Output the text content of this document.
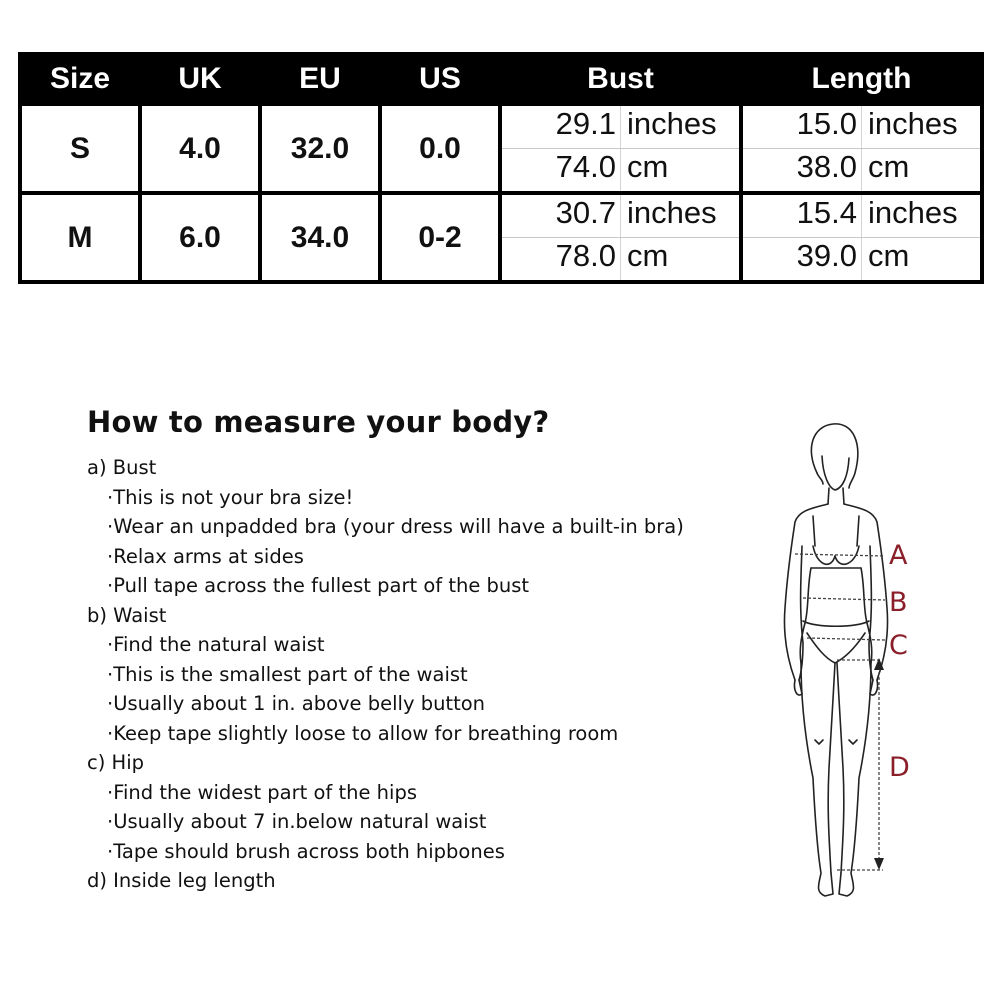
Size	UK	EU	US	Bust	Length
S	4.0	32.0	0.0	29.1 inches	15.0 inches

				74.0 cm	38.0 cm

M	6.0	34.0	0-2	30.7 inches	15.4 inches

				78.0 cm	39.0 cm
How to measure your body?

a) Bust

·This is not your bra size!

·Wear an unpadded bra (your dress will have a built-in bra)

·Relax arms at sides

·Pull tape across the fullest part of the bust

b) Waist

·Find the natural waist

·This is the smallest part of the waist

·Usually about 1 in. above belly button

·Keep tape slightly loose to allow for breathing room

c) Hip

·Find the widest part of the hips

·Usually about 7 in.below natural waist

·Tape should brush across both hipbones

d) Inside leg length

A
B
C
D
